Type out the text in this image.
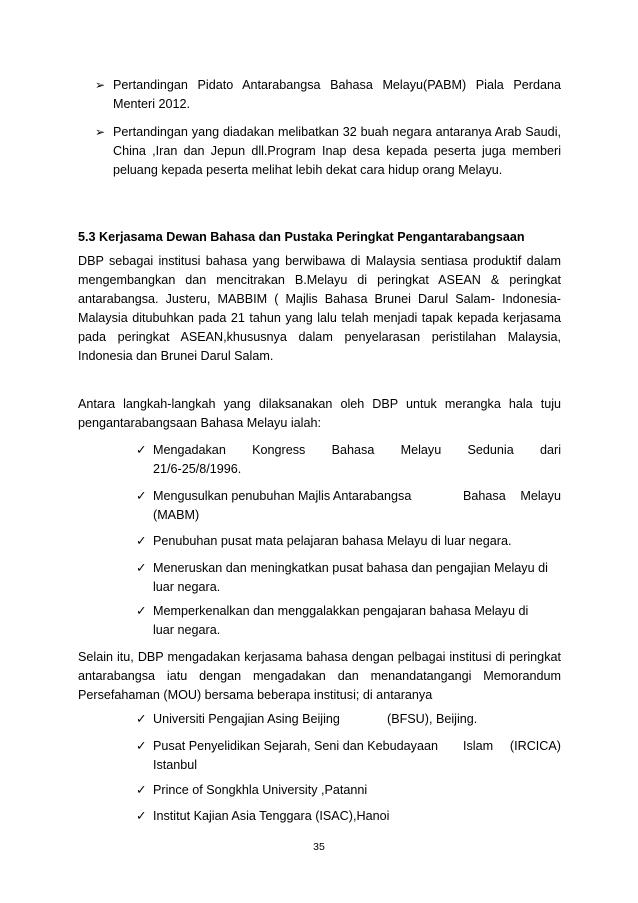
➢ Pertandingan Pidato Antarabangsa Bahasa Melayu(PABM) Piala Perdana Menteri 2012.
➢ Pertandingan yang diadakan melibatkan 32 buah negara antaranya Arab Saudi, China ,Iran dan Jepun dll.Program Inap desa kepada peserta juga memberi peluang kepada peserta melihat lebih dekat cara hidup orang Melayu.
5.3 Kerjasama Dewan Bahasa dan Pustaka Peringkat Pengantarabangsaan
DBP sebagai institusi bahasa yang berwibawa di Malaysia sentiasa produktif dalam mengembangkan dan mencitrakan B.Melayu di peringkat ASEAN & peringkat antarabangsa. Justeru, MABBIM ( Majlis Bahasa Brunei Darul Salam- Indonesia-Malaysia ditubuhkan pada 21 tahun yang lalu telah menjadi tapak kepada kerjasama pada peringkat ASEAN,khususnya dalam penyelarasan peristilahan Malaysia, Indonesia dan Brunei Darul Salam.
Antara langkah-langkah yang dilaksanakan oleh DBP untuk merangka hala tuju pengantarabangsaan Bahasa Melayu ialah:
✓ Mengadakan Kongress Bahasa Melayu Sedunia dari
21/6-25/8/1996.
✓ Mengusulkan penubuhan Majlis Antarabangsa	Bahasa Melayu
(MABM)
✓ Penubuhan pusat mata pelajaran bahasa Melayu di luar negara.
✓ Meneruskan dan meningkatkan pusat bahasa dan pengajian Melayu di
luar negara.
✓ Memperkenalkan dan menggalakkan pengajaran bahasa Melayu di
luar negara.
Selain itu, DBP mengadakan kerjasama bahasa dengan pelbagai institusi di peringkat antarabangsa iatu dengan mengadakan dan menandatangangi Memorandum Persefahaman (MOU) bersama beberapa institusi; di antaranya
✓ Universiti Pengajian Asing Beijing	(BFSU), Beijing.
✓ Pusat Penyelidikan Sejarah, Seni dan Kebudayaan Islam (IRCICA)
Istanbul
✓ Prince of Songkhla University ,Patanni
✓ Institut Kajian Asia Tenggara (ISAC),Hanoi
35
